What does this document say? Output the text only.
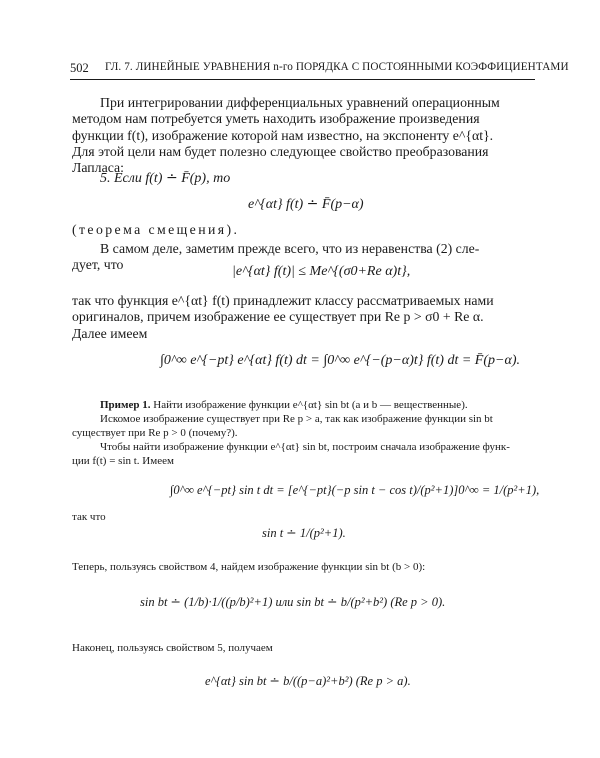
502 ГЛ. 7. ЛИНЕЙНЫЕ УРАВНЕНИЯ n-го ПОРЯДКА С ПОСТОЯННЫМИ КОЭФФИЦИЕНТАМИ
При интегрировании дифференциальных уравнений операционным
методом нам потребуется уметь находить изображение произведения
функции f(t), изображение которой нам известно, на экспоненту e^{αt}.
Для этой цели нам будет полезно следующее свойство преобразования
Лапласа:
5. Если f(t) ∸ F̄(p), то
e^{αt} f(t) ∸ F̄(p−α)
(теорема смещения).
В самом деле, заметим прежде всего, что из неравенства (2) сле-
дует, что	|e^{αt} f(t)| ≤ Me^{(σ0+Re α)t},
так что функция e^{αt} f(t) принадлежит классу рассматриваемых нами
оригиналов, причем изображение ее существует при Re p > σ0 + Re α.
Далее имеем
∫0^∞ e^{−pt} e^{αt} f(t) dt = ∫0^∞ e^{−(p−α)t} f(t) dt = F̄(p−α).
Пример 1. Найти изображение функции e^{αt} sin bt (a и b — вещественные).
Искомое изображение существует при Re p > a, так как изображение функции sin bt
существует при Re p > 0 (почему?).
Чтобы найти изображение функции e^{αt} sin bt, построим сначала изображение функ-
ции f(t) = sin t. Имеем
∫0^∞ e^{−pt} sin t dt = [e^{−pt}(−p sin t − cos t)/(p²+1)]0^∞ = 1/(p²+1),
так что
sin t ∸ 1/(p²+1).
Теперь, пользуясь свойством 4, найдем изображение функции sin bt (b > 0):
sin bt ∸ (1/b)·1/((p/b)²+1) или sin bt ∸ b/(p²+b²) (Re p > 0).
Наконец, пользуясь свойством 5, получаем
e^{αt} sin bt ∸ b/((p−a)²+b²) (Re p > a).
